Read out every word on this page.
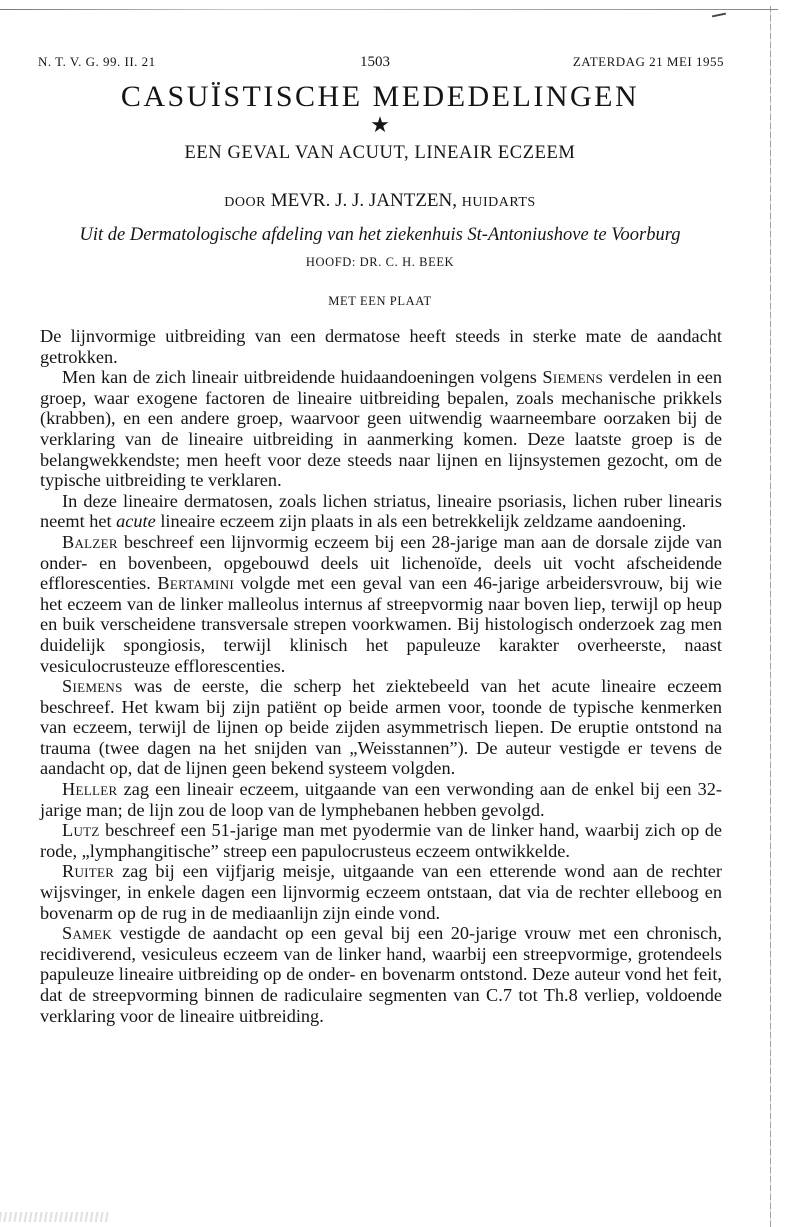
N. T. V. G. 99. II. 21	1503	ZATERDAG 21 MEI 1955
CASUÏSTISCHE MEDEDELINGEN
★
EEN GEVAL VAN ACUUT, LINEAIR ECZEEM
DOOR MEVR. J. J. JANTZEN, HUIDARTS
Uit de Dermatologische afdeling van het ziekenhuis St-Antoniushove te Voorburg
HOOFD: DR. C. H. BEEK
MET EEN PLAAT

De lijnvormige uitbreiding van een dermatose heeft steeds in sterke mate de aandacht getrokken.

Men kan de zich lineair uitbreidende huidaandoeningen volgens Siemens verdelen in een groep, waar exogene factoren de lineaire uitbreiding bepalen, zoals mechanische prikkels (krabben), en een andere groep, waarvoor geen uitwendig waarneembare oorzaken bij de verklaring van de lineaire uitbreiding in aanmerking komen. Deze laatste groep is de belangwekkendste; men heeft voor deze steeds naar lijnen en lijnsystemen gezocht, om de typische uitbreiding te verklaren.

In deze lineaire dermatosen, zoals lichen striatus, lineaire psoriasis, lichen ruber linearis neemt het acute lineaire eczeem zijn plaats in als een betrekkelijk zeldzame aandoening.

Balzer beschreef een lijnvormig eczeem bij een 28-jarige man aan de dorsale zijde van onder- en bovenbeen, opgebouwd deels uit lichenoïde, deels uit vocht afscheidende efflorescenties. Bertamini volgde met een geval van een 46-jarige arbeidersvrouw, bij wie het eczeem van de linker malleolus internus af streepvormig naar boven liep, terwijl op heup en buik verscheidene transversale strepen voorkwamen. Bij histologisch onderzoek zag men duidelijk spongiosis, terwijl klinisch het papuleuze karakter overheerste, naast vesiculocrusteuze efflorescenties.

Siemens was de eerste, die scherp het ziektebeeld van het acute lineaire eczeem beschreef. Het kwam bij zijn patiënt op beide armen voor, toonde de typische kenmerken van eczeem, terwijl de lijnen op beide zijden asymmetrisch liepen. De eruptie ontstond na trauma (twee dagen na het snijden van „Weisstannen”). De auteur vestigde er tevens de aandacht op, dat de lijnen geen bekend systeem volgden.

Heller zag een lineair eczeem, uitgaande van een verwonding aan de enkel bij een 32-jarige man; de lijn zou de loop van de lymphebanen hebben gevolgd.

Lutz beschreef een 51-jarige man met pyodermie van de linker hand, waarbij zich op de rode, „lymphangitische” streep een papulocrusteus eczeem ontwikkelde.

Ruiter zag bij een vijfjarig meisje, uitgaande van een etterende wond aan de rechter wijsvinger, in enkele dagen een lijnvormig eczeem ontstaan, dat via de rechter elleboog en bovenarm op de rug in de mediaanlijn zijn einde vond.

Samek vestigde de aandacht op een geval bij een 20-jarige vrouw met een chronisch, recidiverend, vesiculeus eczeem van de linker hand, waarbij een streepvormige, grotendeels papuleuze lineaire uitbreiding op de onder- en bovenarm ontstond. Deze auteur vond het feit, dat de streepvorming binnen de radiculaire segmenten van C.7 tot Th.8 verliep, voldoende verklaring voor de lineaire uitbreiding.
